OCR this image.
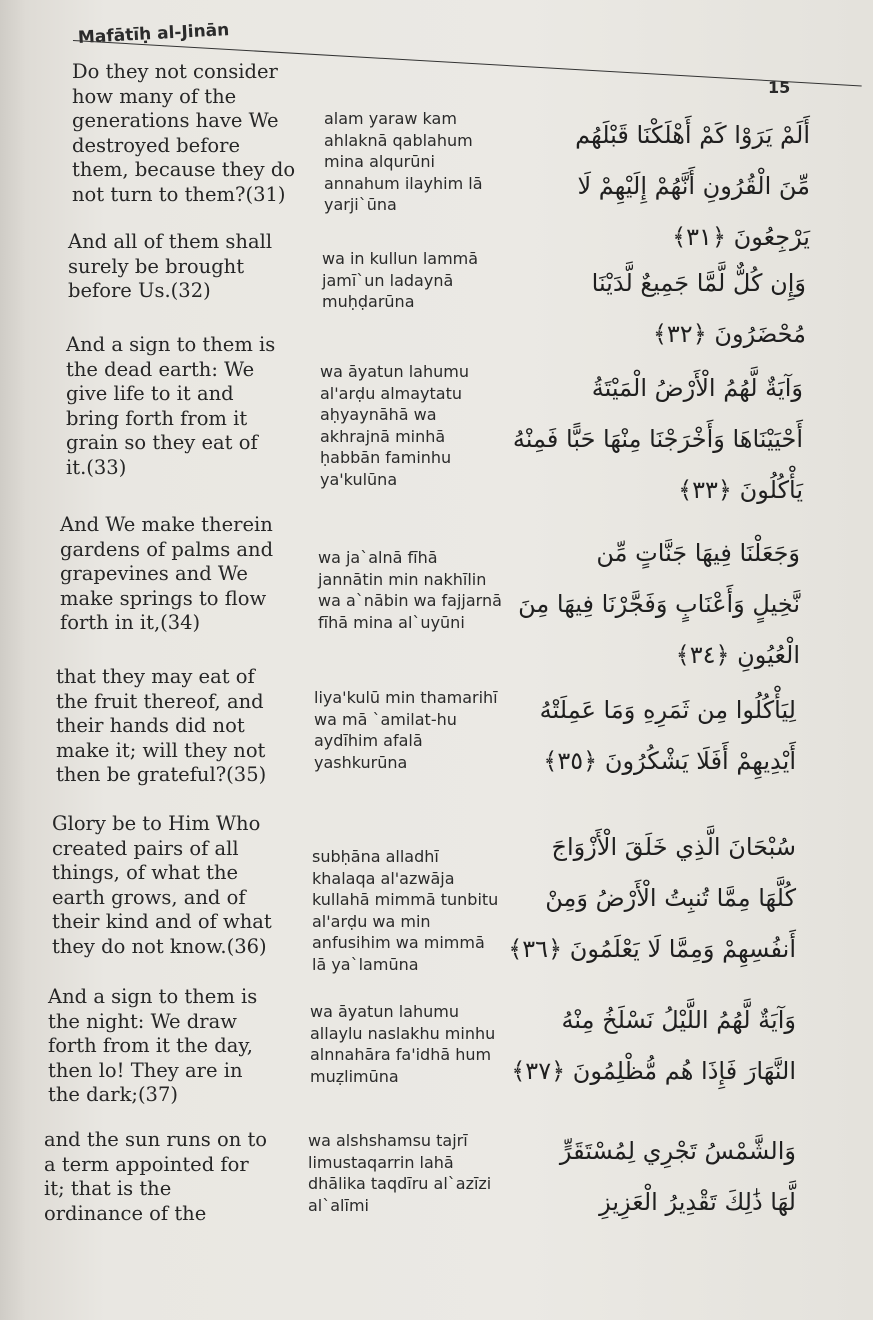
Mafātīḥ al-Jinān
15
Do they not consider
how many of the
generations have We
destroyed before
them, because they do
not turn to them?(31)
alam yaraw kam
ahlaknā qablahum
mina alqurūni
annahum ilayhim lā
yarji`ūna
أَلَمْ يَرَوْا كَمْ أَهْلَكْنَا قَبْلَهُم
مِّنَ الْقُرُونِ أَنَّهُمْ إِلَيْهِمْ لَا
يَرْجِعُونَ ﴿٣١﴾
And all of them shall
surely be brought
before Us.(32)
wa in kullun lammā
jamī`un ladaynā
muḥḍarūna
وَإِن كُلٌّ لَّمَّا جَمِيعٌ لَّدَيْنَا
مُحْضَرُونَ ﴿٣٢﴾
And a sign to them is
the dead earth: We
give life to it and
bring forth from it
grain so they eat of
it.(33)
wa āyatun lahumu
al'arḍu almaytatu
aḥyaynāhā wa
akhrajnā minhā
ḥabbān faminhu
ya'kulūna
وَآيَةٌ لَّهُمُ الْأَرْضُ الْمَيْتَةُ
أَحْيَيْنَاهَا وَأَخْرَجْنَا مِنْهَا حَبًّا فَمِنْهُ
يَأْكُلُونَ ﴿٣٣﴾
And We make therein
gardens of palms and
grapevines and We
make springs to flow
forth in it,(34)
wa ja`alnā fīhā
jannātin min nakhīlin
wa a`nābin wa fajjarnā
fīhā mina al`uyūni
وَجَعَلْنَا فِيهَا جَنَّاتٍ مِّن
نَّخِيلٍ وَأَعْنَابٍ وَفَجَّرْنَا فِيهَا مِنَ
الْعُيُونِ ﴿٣٤﴾
that they may eat of
the fruit thereof, and
their hands did not
make it; will they not
then be grateful?(35)
liya'kulū min thamarihī
wa mā `amilat-hu
aydīhim afalā
yashkurūna
لِيَأْكُلُوا مِن ثَمَرِهِ وَمَا عَمِلَتْهُ
أَيْدِيهِمْ أَفَلَا يَشْكُرُونَ ﴿٣٥﴾
Glory be to Him Who
created pairs of all
things, of what the
earth grows, and of
their kind and of what
they do not know.(36)
subḥāna alladhī
khalaqa al'azwāja
kullahā mimmā tunbitu
al'arḍu wa min
anfusihim wa mimmā
lā ya`lamūna
سُبْحَانَ الَّذِي خَلَقَ الْأَزْوَاجَ
كُلَّهَا مِمَّا تُنبِتُ الْأَرْضُ وَمِنْ
أَنفُسِهِمْ وَمِمَّا لَا يَعْلَمُونَ ﴿٣٦﴾
And a sign to them is
the night: We draw
forth from it the day,
then lo! They are in
the dark;(37)
wa āyatun lahumu
allaylu naslakhu minhu
alnnahāra fa'idhā hum
muẓlimūna
وَآيَةٌ لَّهُمُ اللَّيْلُ نَسْلَخُ مِنْهُ
النَّهَارَ فَإِذَا هُم مُّظْلِمُونَ ﴿٣٧﴾
and the sun runs on to
a term appointed for
it; that is the
ordinance of the
wa alshshamsu tajrī
limustaqarrin lahā
dhālika taqdīru al`azīzi
al`alīmi
وَالشَّمْسُ تَجْرِي لِمُسْتَقَرٍّ
لَّهَا ذَٰلِكَ تَقْدِيرُ الْعَزِيزِ
